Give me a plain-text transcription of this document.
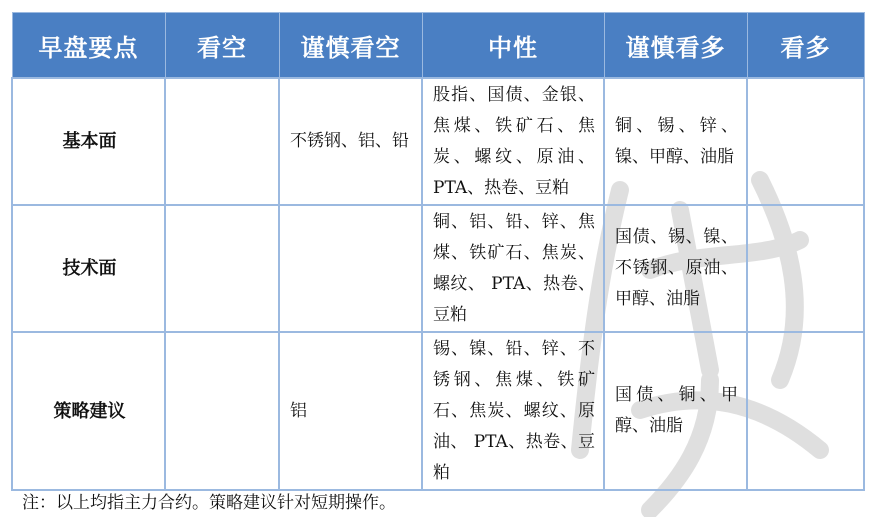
早盘要点	看空	谨慎看空	中性	谨慎看多	看多
基本面		不锈钢、铝、铅	股指、国债、金银、焦煤、铁矿石、焦炭、螺纹、原油、PTA、热卷、豆粕	铜、锡、锌、镍、甲醇、油脂	

技术面			铜、铝、铅、锌、焦煤、铁矿石、焦炭、螺纹、 PTA、热卷、豆粕	国债、锡、镍、不锈钢、原油、甲醇、油脂	

策略建议		铝	锡、镍、铅、锌、不锈钢、焦煤、铁矿石、焦炭、螺纹、原油、 PTA、热卷、豆粕	国债、铜、甲醇、油脂	

注：以上均指主力合约。策略建议针对短期操作。
